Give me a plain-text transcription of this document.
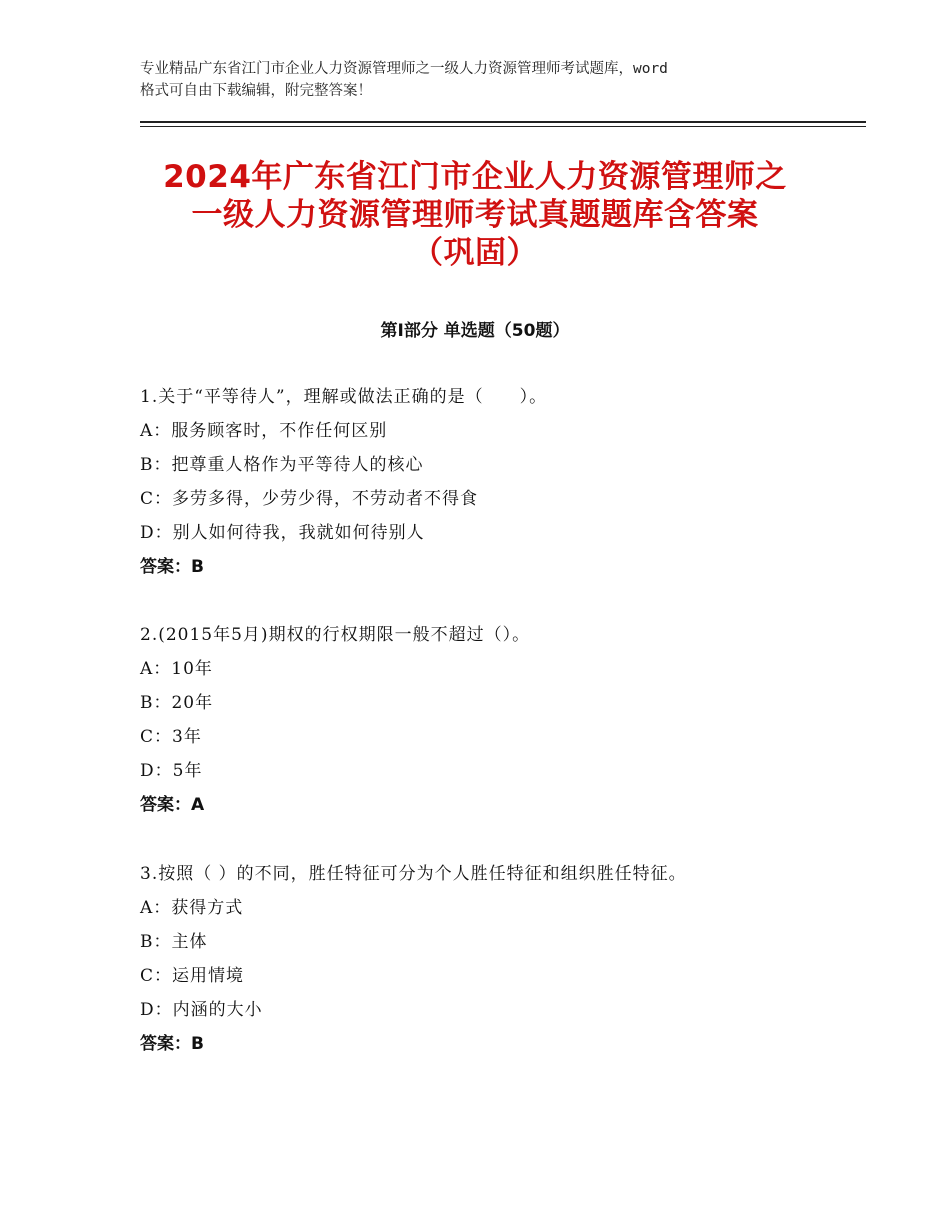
专业精品广东省江门市企业人力资源管理师之一级人力资源管理师考试题库，word
格式可自由下载编辑，附完整答案！
2024年广东省江门市企业人力资源管理师之
一级人力资源管理师考试真题题库含答案
（巩固）
第Ⅰ部分 单选题（50题）
1.关于“平等待人”，理解或做法正确的是（　　）。
A：服务顾客时，不作任何区别
B：把尊重人格作为平等待人的核心
C：多劳多得，少劳少得，不劳动者不得食
D：别人如何待我，我就如何待别人
答案：B
2.(2015年5月)期权的行权期限一般不超过（）。
A：10年
B：20年
C：3年
D：5年
答案：A
3.按照（ ）的不同，胜任特征可分为个人胜任特征和组织胜任特征。
A：获得方式
B：主体
C：运用情境
D：内涵的大小
答案：B
